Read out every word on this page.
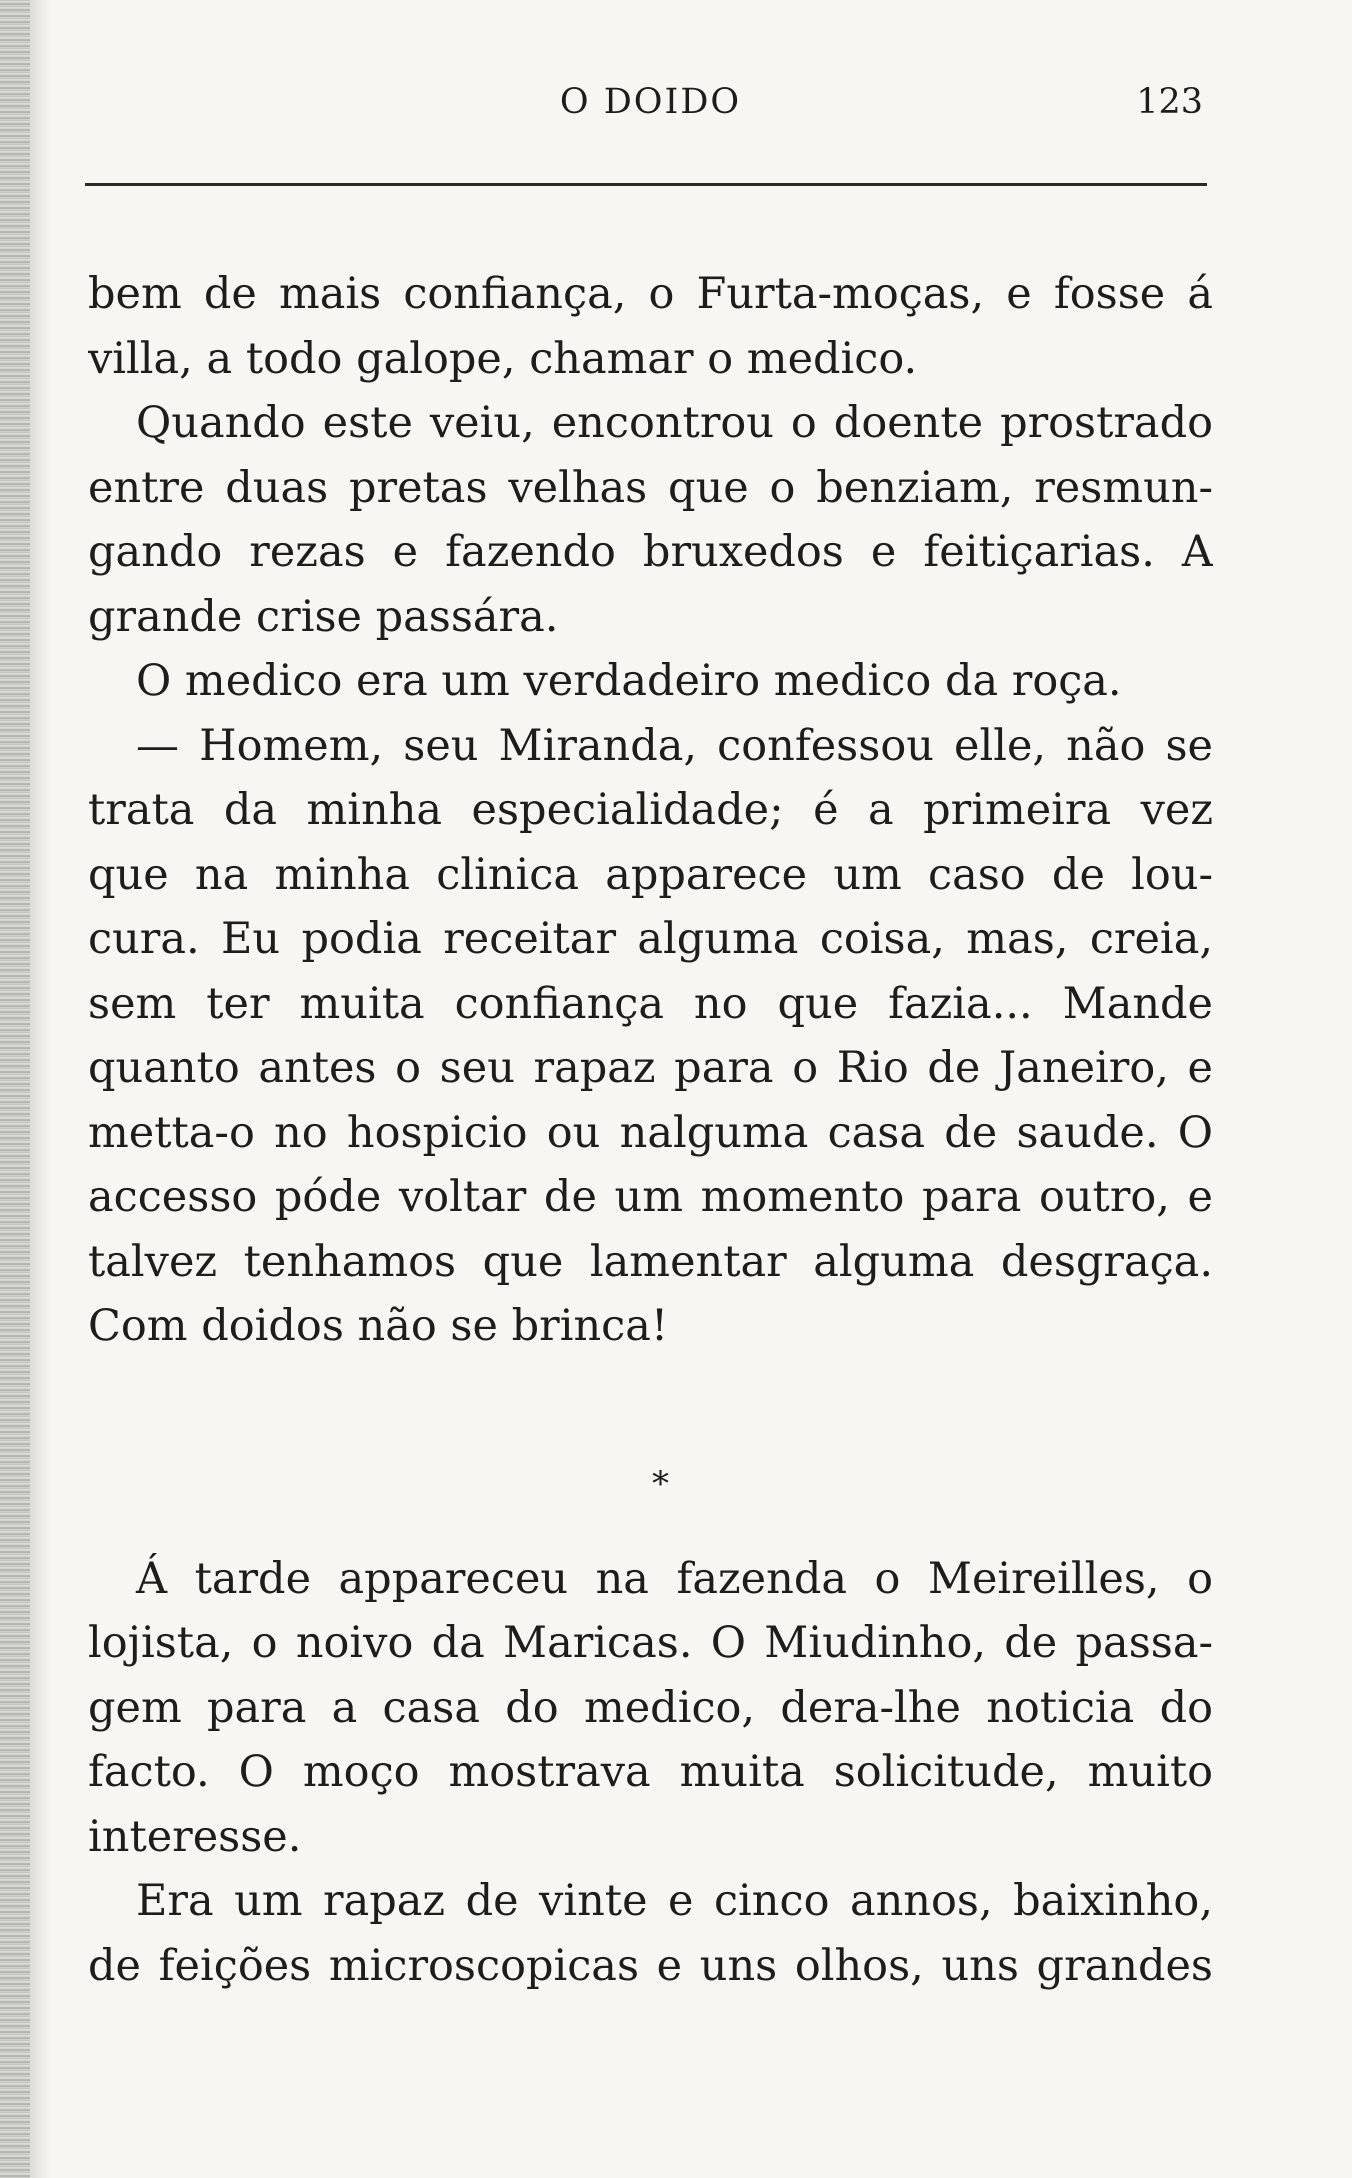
O DOIDO	123
bem de mais confiança, o Furta-moças, e fosse á
villa, a todo galope, chamar o medico.
Quando este veiu, encontrou o doente prostrado
entre duas pretas velhas que o benziam, resmun-
gando rezas e fazendo bruxedos e feitiçarias. A
grande crise passára.
O medico era um verdadeiro medico da roça.
— Homem, seu Miranda, confessou elle, não se
trata da minha especialidade; é a primeira vez
que na minha clinica apparece um caso de lou-
cura. Eu podia receitar alguma coisa, mas, creia,
sem ter muita confiança no que fazia... Mande
quanto antes o seu rapaz para o Rio de Janeiro, e
metta-o no hospicio ou nalguma casa de saude. O
accesso póde voltar de um momento para outro, e
talvez tenhamos que lamentar alguma desgraça.
Com doidos não se brinca!
*
Á tarde appareceu na fazenda o Meireilles, o
lojista, o noivo da Maricas. O Miudinho, de passa-
gem para a casa do medico, dera-lhe noticia do
facto. O moço mostrava muita solicitude, muito
interesse.
Era um rapaz de vinte e cinco annos, baixinho,
de feições microscopicas e uns olhos, uns grandes
